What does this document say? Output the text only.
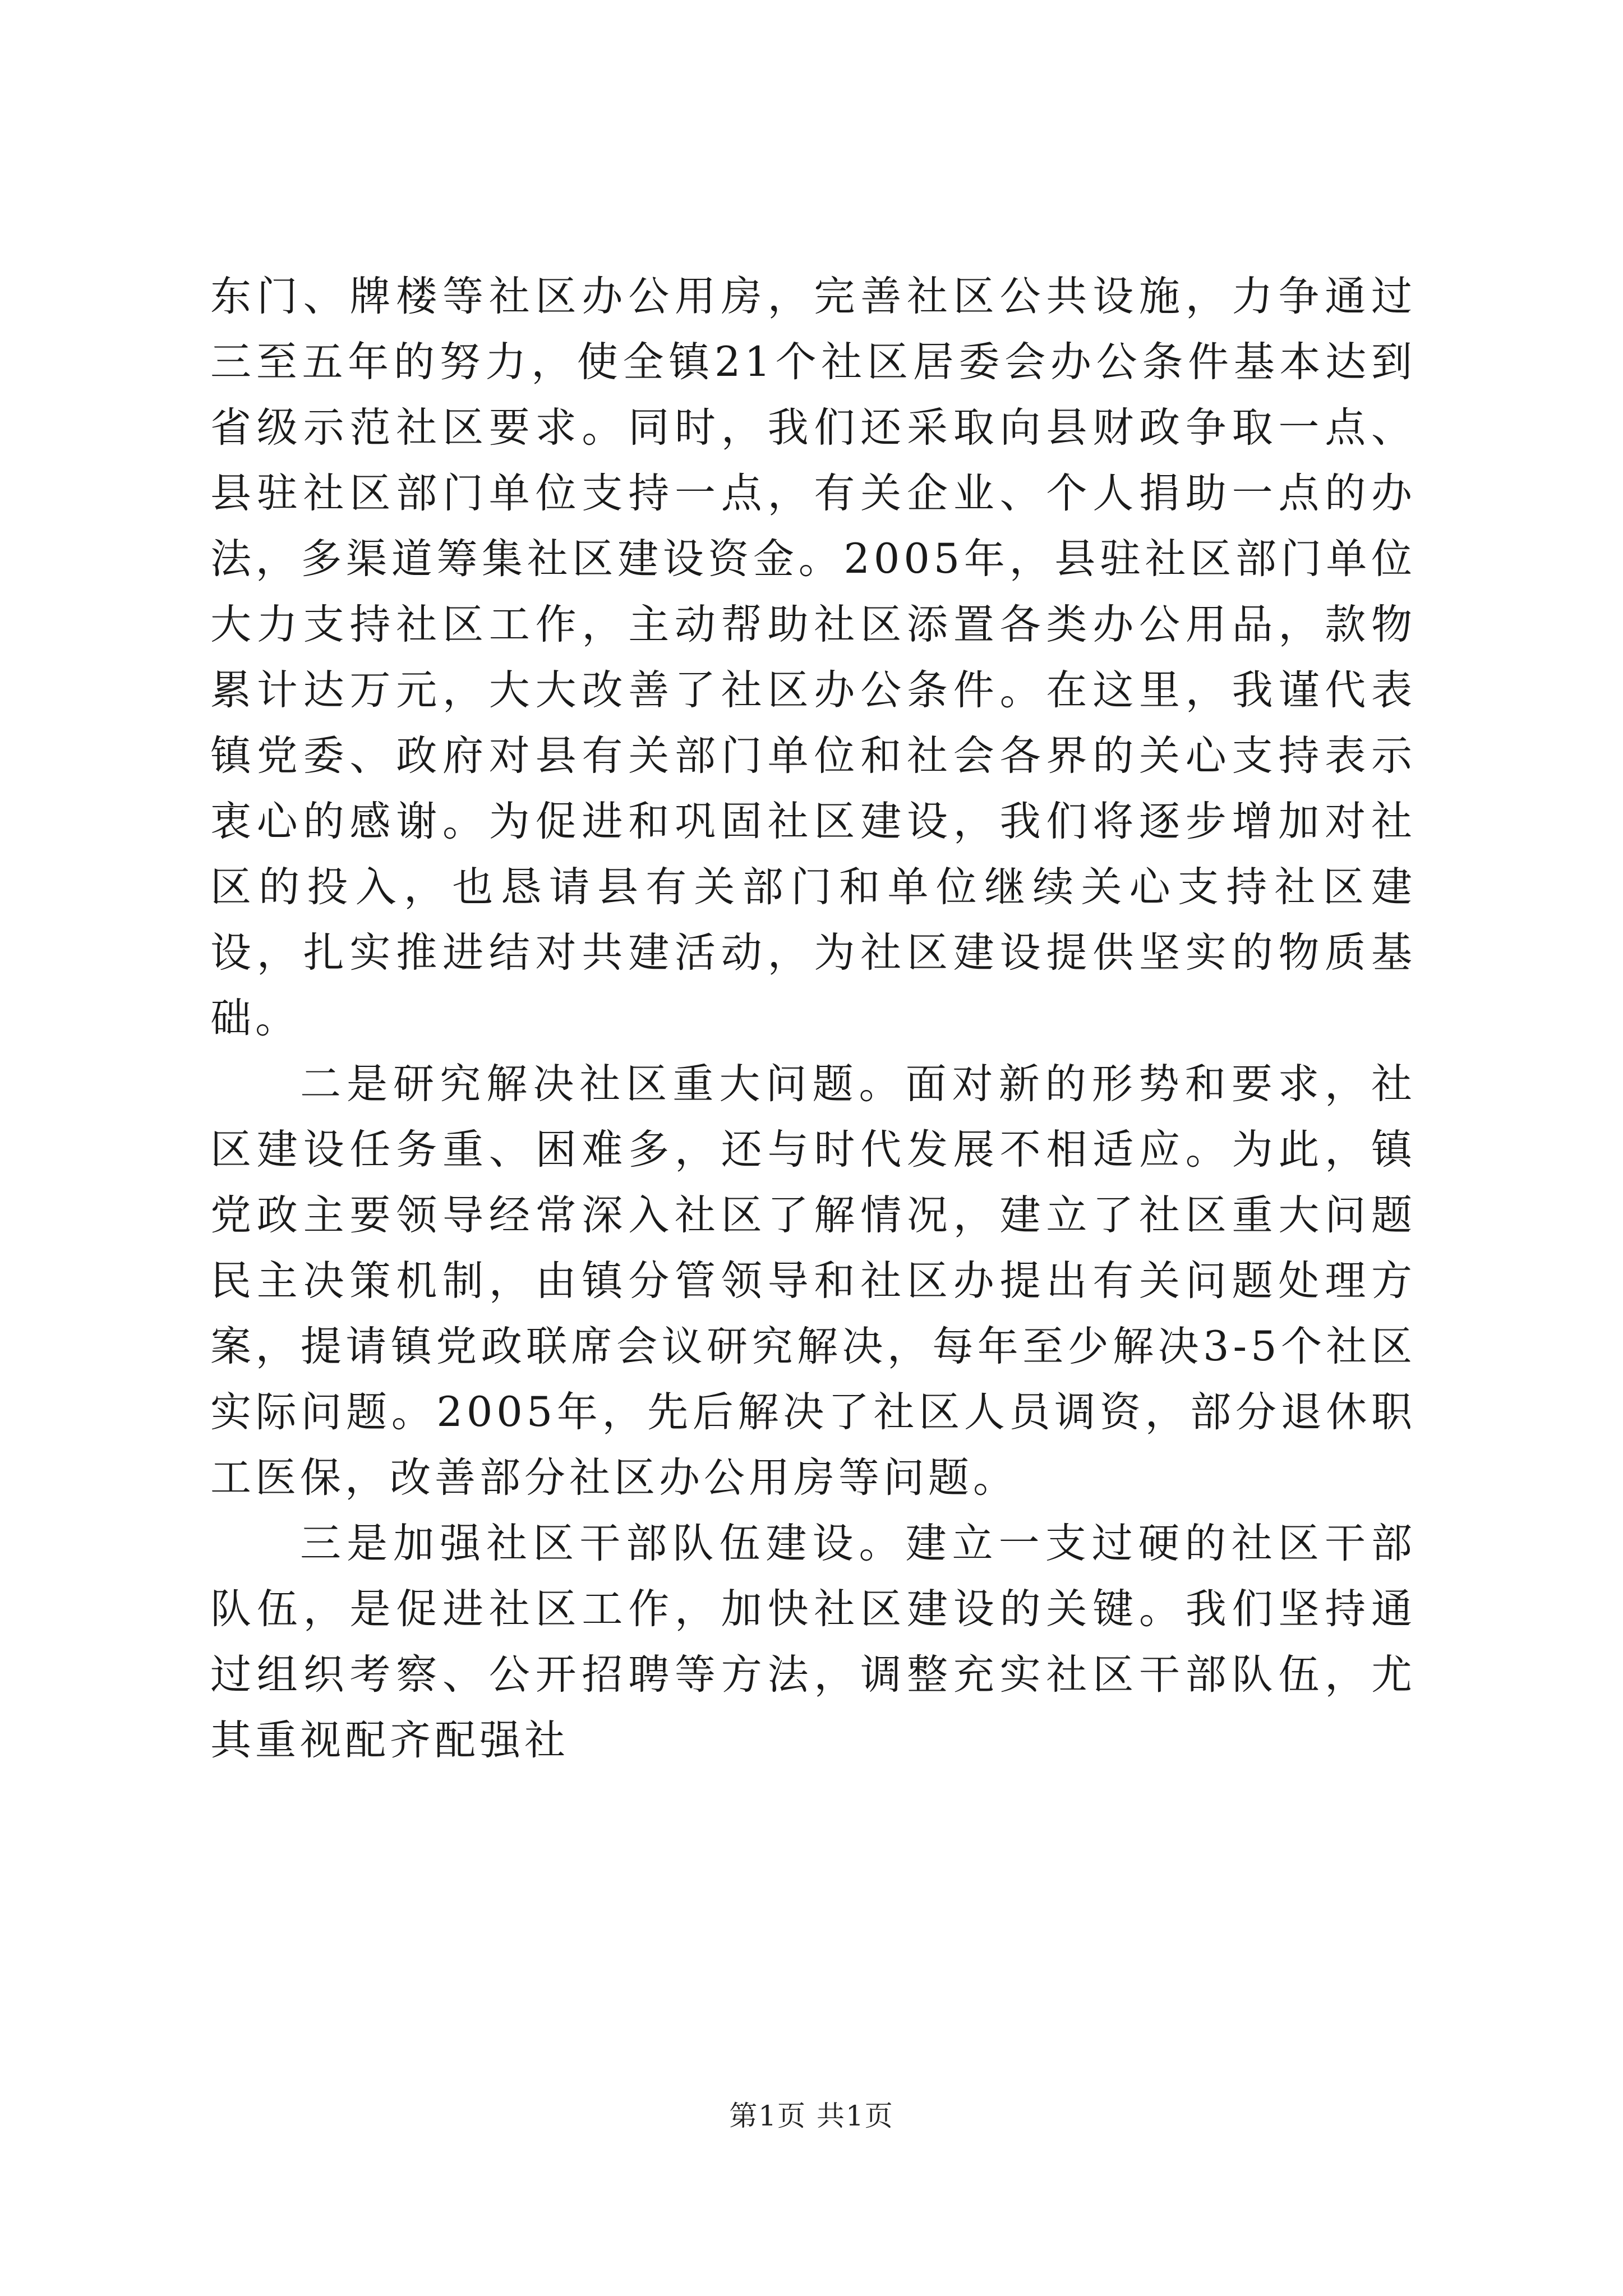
东门、牌楼等社区办公用房，完善社区公共设施，力争通过三至五年的努力，使全镇21个社区居委会办公条件基本达到省级示范社区要求。同时，我们还采取向县财政争取一点、县驻社区部门单位支持一点，有关企业、个人捐助一点的办法，多渠道筹集社区建设资金。2005年，县驻社区部门单位大力支持社区工作，主动帮助社区添置各类办公用品，款物累计达万元，大大改善了社区办公条件。在这里，我谨代表镇党委、政府对县有关部门单位和社会各界的关心支持表示衷心的感谢。为促进和巩固社区建设，我们将逐步增加对社区的投入，也恳请县有关部门和单位继续关心支持社区建设，扎实推进结对共建活动，为社区建设提供坚实的物质基础。

二是研究解决社区重大问题。面对新的形势和要求，社区建设任务重、困难多，还与时代发展不相适应。为此，镇党政主要领导经常深入社区了解情况，建立了社区重大问题民主决策机制，由镇分管领导和社区办提出有关问题处理方案，提请镇党政联席会议研究解决，每年至少解决3-5个社区实际问题。2005年，先后解决了社区人员调资，部分退休职工医保，改善部分社区办公用房等问题。

三是加强社区干部队伍建设。建立一支过硬的社区干部队伍，是促进社区工作，加快社区建设的关键。我们坚持通过组织考察、公开招聘等方法，调整充实社区干部队伍，尤其重视配齐配强社

第1页 共1页
